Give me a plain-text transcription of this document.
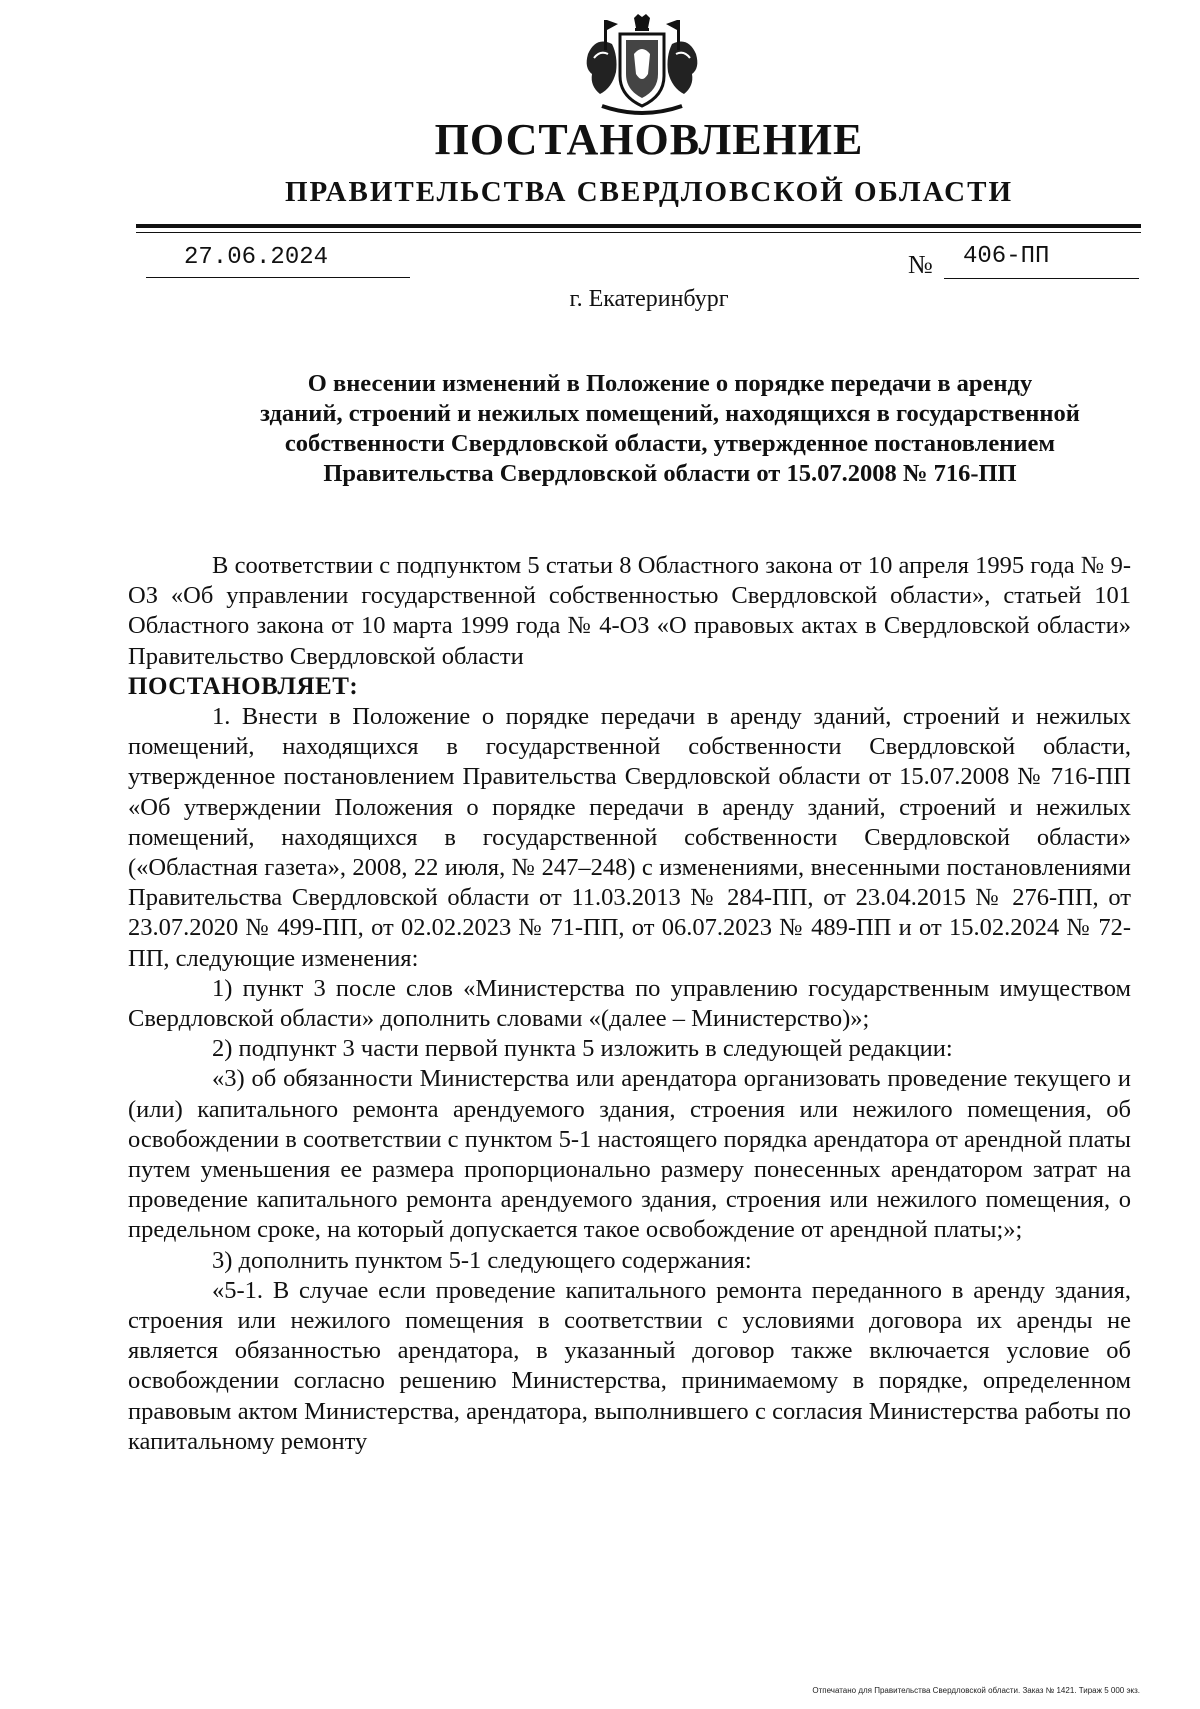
ПОСТАНОВЛЕНИЕ
ПРАВИТЕЛЬСТВА СВЕРДЛОВСКОЙ ОБЛАСТИ
27.06.2024	№ 406-ПП
г. Екатеринбург
О внесении изменений в Положение о порядке передачи в аренду
зданий, строений и нежилых помещений, находящихся в государственной
собственности Свердловской области, утвержденное постановлением
Правительства Свердловской области от 15.07.2008 № 716-ПП

В соответствии с подпунктом 5 статьи 8 Областного закона от 10 апреля 1995 года № 9-ОЗ «Об управлении государственной собственностью Свердловской области», статьей 101 Областного закона от 10 марта 1999 года № 4-ОЗ «О правовых актах в Свердловской области» Правительство Свердловской области

ПОСТАНОВЛЯЕТ:

1. Внести в Положение о порядке передачи в аренду зданий, строений и нежилых помещений, находящихся в государственной собственности Свердловской области, утвержденное постановлением Правительства Свердловской области от 15.07.2008 № 716-ПП «Об утверждении Положения о порядке передачи в аренду зданий, строений и нежилых помещений, находящихся в государственной собственности Свердловской области» («Областная газета», 2008, 22 июля, № 247–248) с изменениями, внесенными постановлениями Правительства Свердловской области от 11.03.2013 № 284-ПП, от 23.04.2015 № 276-ПП, от 23.07.2020 № 499-ПП, от 02.02.2023 № 71-ПП, от 06.07.2023 № 489-ПП и от 15.02.2024 № 72-ПП, следующие изменения:

1) пункт 3 после слов «Министерства по управлению государственным имуществом Свердловской области» дополнить словами «(далее – Министерство)»;

2) подпункт 3 части первой пункта 5 изложить в следующей редакции:

«3) об обязанности Министерства или арендатора организовать проведение текущего и (или) капитального ремонта арендуемого здания, строения или нежилого помещения, об освобождении в соответствии с пунктом 5-1 настоящего порядка арендатора от арендной платы путем уменьшения ее размера пропорционально размеру понесенных арендатором затрат на проведение капитального ремонта арендуемого здания, строения или нежилого помещения, о предельном сроке, на который допускается такое освобождение от арендной платы;»;

3) дополнить пунктом 5-1 следующего содержания:

«5-1. В случае если проведение капитального ремонта переданного в аренду здания, строения или нежилого помещения в соответствии с условиями договора их аренды не является обязанностью арендатора, в указанный договор также включается условие об освобождении согласно решению Министерства, принимаемому в порядке, определенном правовым актом Министерства, арендатора, выполнившего с согласия Министерства работы по капитальному ремонту

Отпечатано для Правительства Свердловской области. Заказ № 1421. Тираж 5 000 экз.
